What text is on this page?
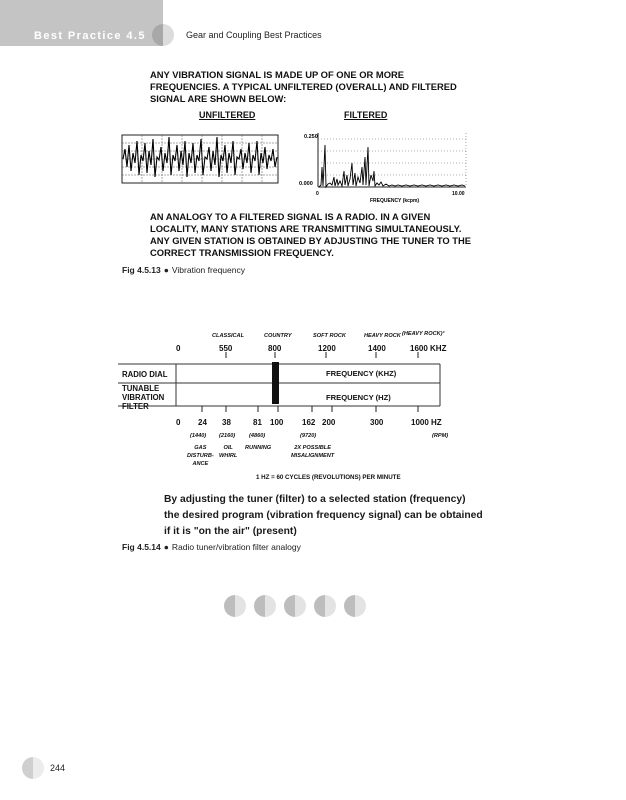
Best Practice 4.5	Gear and Coupling Best Practices
ANY VIBRATION SIGNAL IS MADE UP OF ONE OR MORE
FREQUENCIES. A TYPICAL UNFILTERED (OVERALL) AND FILTERED
SIGNAL ARE SHOWN BELOW:
UNFILTERED	FILTERED
0.250
0.000
0	10.00
FREQUENCY (kcpm)
AN ANALOGY TO A FILTERED SIGNAL IS A RADIO. IN A GIVEN
LOCALITY, MANY STATIONS ARE TRANSMITTING SIMULTANEOUSLY.
ANY GIVEN STATION IS OBTAINED BY ADJUSTING THE TUNER TO THE
CORRECT TRANSMISSION FREQUENCY.
Fig 4.5.13 ● Vibration frequency
CLASSICAL	COUNTRY	SOFT ROCK	HEAVY ROCK (HEAVY ROCK)³
0	550	800	1200	1400	1600 KHZ
RADIO DIAL
TUNABLE
VIBRATION
FILTER
FREQUENCY (KHZ)
FREQUENCY (HZ)
0 24 38	81 100 162 200	300	1000 HZ
(1440) (2160) (4860)	(9720)	(RPM)
GAS
DISTURB-
ANCE
OIL
WHIRL
RUNNING	2X POSSIBLE
MISALIGNMENT
1 HZ = 60 CYCLES (REVOLUTIONS) PER MINUTE
By adjusting the tuner (filter) to a selected station (frequency)
the desired program (vibration frequency signal) can be obtained
if it is "on the air" (present)
Fig 4.5.14 ● Radio tuner/vibration filter analogy
244
